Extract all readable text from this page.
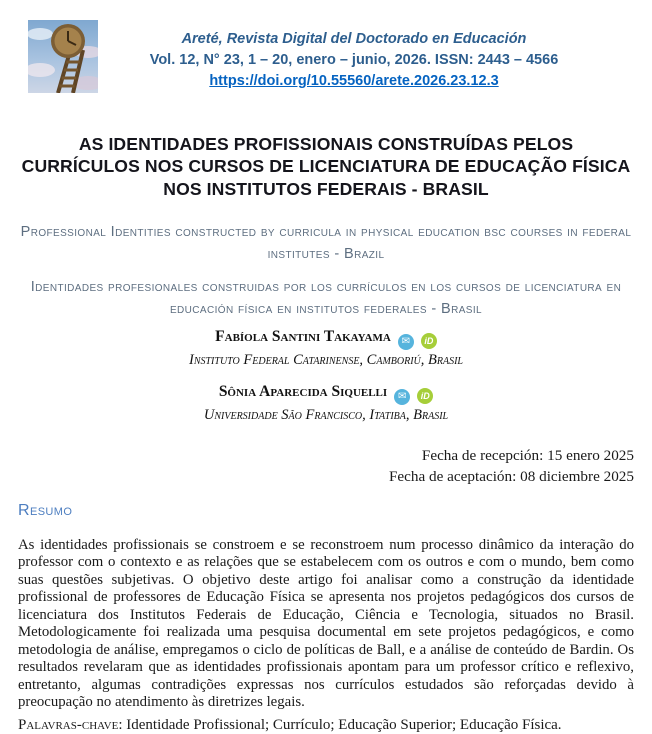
Areté, Revista Digital del Doctorado en Educación
Vol. 12, N° 23, 1 – 20, enero – junio, 2026. ISSN: 2443 – 4566
https://doi.org/10.55560/arete.2026.23.12.3
AS IDENTIDADES PROFISSIONAIS CONSTRUÍDAS PELOS CURRÍCULOS NOS CURSOS DE LICENCIATURA DE EDUCAÇÃO FÍSICA NOS INSTITUTOS FEDERAIS - BRASIL
Professional Identities constructed by curricula in physical education bsc courses in federal institutes - Brazil
Identidades profesionales construidas por los currículos en los cursos de licenciatura en educación física en institutos federales - Brasil
Fabíola Santini Takayama ✉
iD
Instituto Federal Catarinense, Camboriú, Brasil
Sônia Aparecida Siquelli ✉
iD
Universidade São Francisco, Itatiba, Brasil
Fecha de recepción: 15 enero 2025
Fecha de aceptación: 08 diciembre 2025
Resumo

As identidades profissionais se constroem e se reconstroem num processo dinâmico da interação do professor com o contexto e as relações que se estabelecem com os outros e com o mundo, bem como suas questões subjetivas. O objetivo deste artigo foi analisar como a construção da identidade profissional de professores de Educação Física se apresenta nos projetos pedagógicos dos cursos de licenciatura dos Institutos Federais de Educação, Ciência e Tecnologia, situados no Brasil. Metodologicamente foi realizada uma pesquisa documental em sete projetos pedagógicos, e como metodologia de análise, empregamos o ciclo de políticas de Ball, e a análise de conteúdo de Bardin. Os resultados revelaram que as identidades profissionais apontam para um professor crítico e reflexivo, entretanto, algumas contradições expressas nos currículos estudados são reforçadas devido à preocupação no atendimento às diretrizes legais.

Palavras-chave: Identidade Profissional; Currículo; Educação Superior; Educação Física.
